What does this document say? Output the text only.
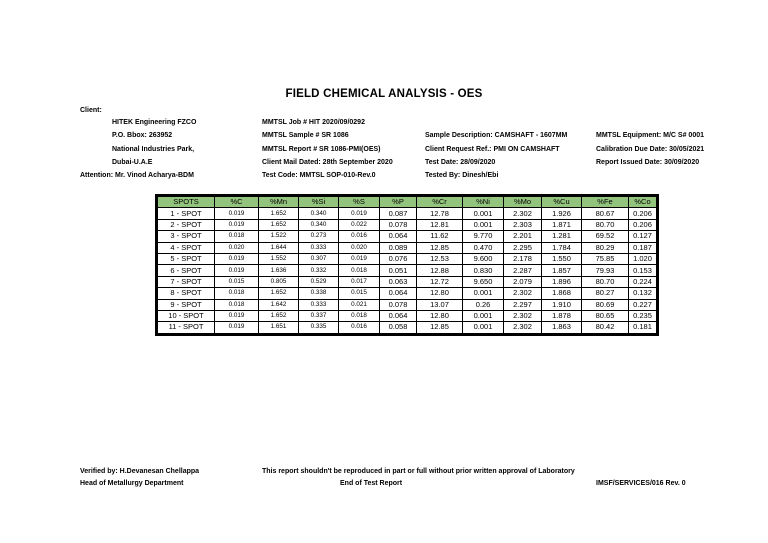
FIELD CHEMICAL ANALYSIS - OES
Client:
HITEK Engineering FZCO
P.O. Bbox: 263952
National Industries Park,
Dubai-U.A.E
Attention: Mr. Vinod Acharya-BDM
MMTSL Job # HIT 2020/09/0292
MMTSL Sample # SR 1086
MMTSL Report # SR 1086-PMI(OES)
Client Mail Dated: 28th September 2020
Test Code: MMTSL SOP-010-Rev.0
Sample Description: CAMSHAFT - 1607MM
Client Request Ref.: PMI ON CAMSHAFT
Test Date: 28/09/2020
Tested By: Dinesh/Ebi
MMTSL Equipment: M/C S# 0001
Calibration Due Date: 30/05/2021
Report Issued Date: 30/09/2020
SPOTS	%C	%Mn	%Si	%S	%P	%Cr	%Ni	%Mo	%Cu	%Fe	%Co
1 - SPOT	0.019	1.652	0.340	0.019	0.087	12.78	0.001	2.302	1.926	80.67	0.206
2 - SPOT	0.019	1.652	0.340	0.022	0.078	12.81	0.001	2.303	1.871	80.70	0.206
3 - SPOT	0.018	1.522	0.273	0.016	0.064	11.62	9.770	2.201	1.281	69.52	0.127
4 - SPOT	0.020	1.644	0.333	0.020	0.089	12.85	0.470	2.295	1.784	80.29	0.187
5 - SPOT	0.019	1.552	0.307	0.019	0.076	12.53	9.600	2.178	1.550	75.85	1.020
6 - SPOT	0.019	1.636	0.332	0.018	0.051	12.88	0.830	2.287	1.857	79.93	0.153
7 - SPOT	0.015	0.805	0.529	0.017	0.063	12.72	9.650	2.079	1.896	80.70	0.224
8 - SPOT	0.018	1.652	0.338	0.015	0.064	12.80	0.001	2.302	1.868	80.27	0.132
9 - SPOT	0.018	1.642	0.333	0.021	0.078	13.07	0.26	2.297	1.910	80.69	0.227
10 - SPOT	0.019	1.652	0.337	0.018	0.064	12.80	0.001	2.302	1.878	80.65	0.235
11 - SPOT	0.019	1.651	0.335	0.016	0.058	12.85	0.001	2.302	1.863	80.42	0.181
Verified by: H.Devanesan Chellappa
Head of Metallurgy Department
This report shouldn't be reproduced in part or full without prior written approval of Laboratory
End of Test Report	IMSF/SERVICES/016 Rev. 0
